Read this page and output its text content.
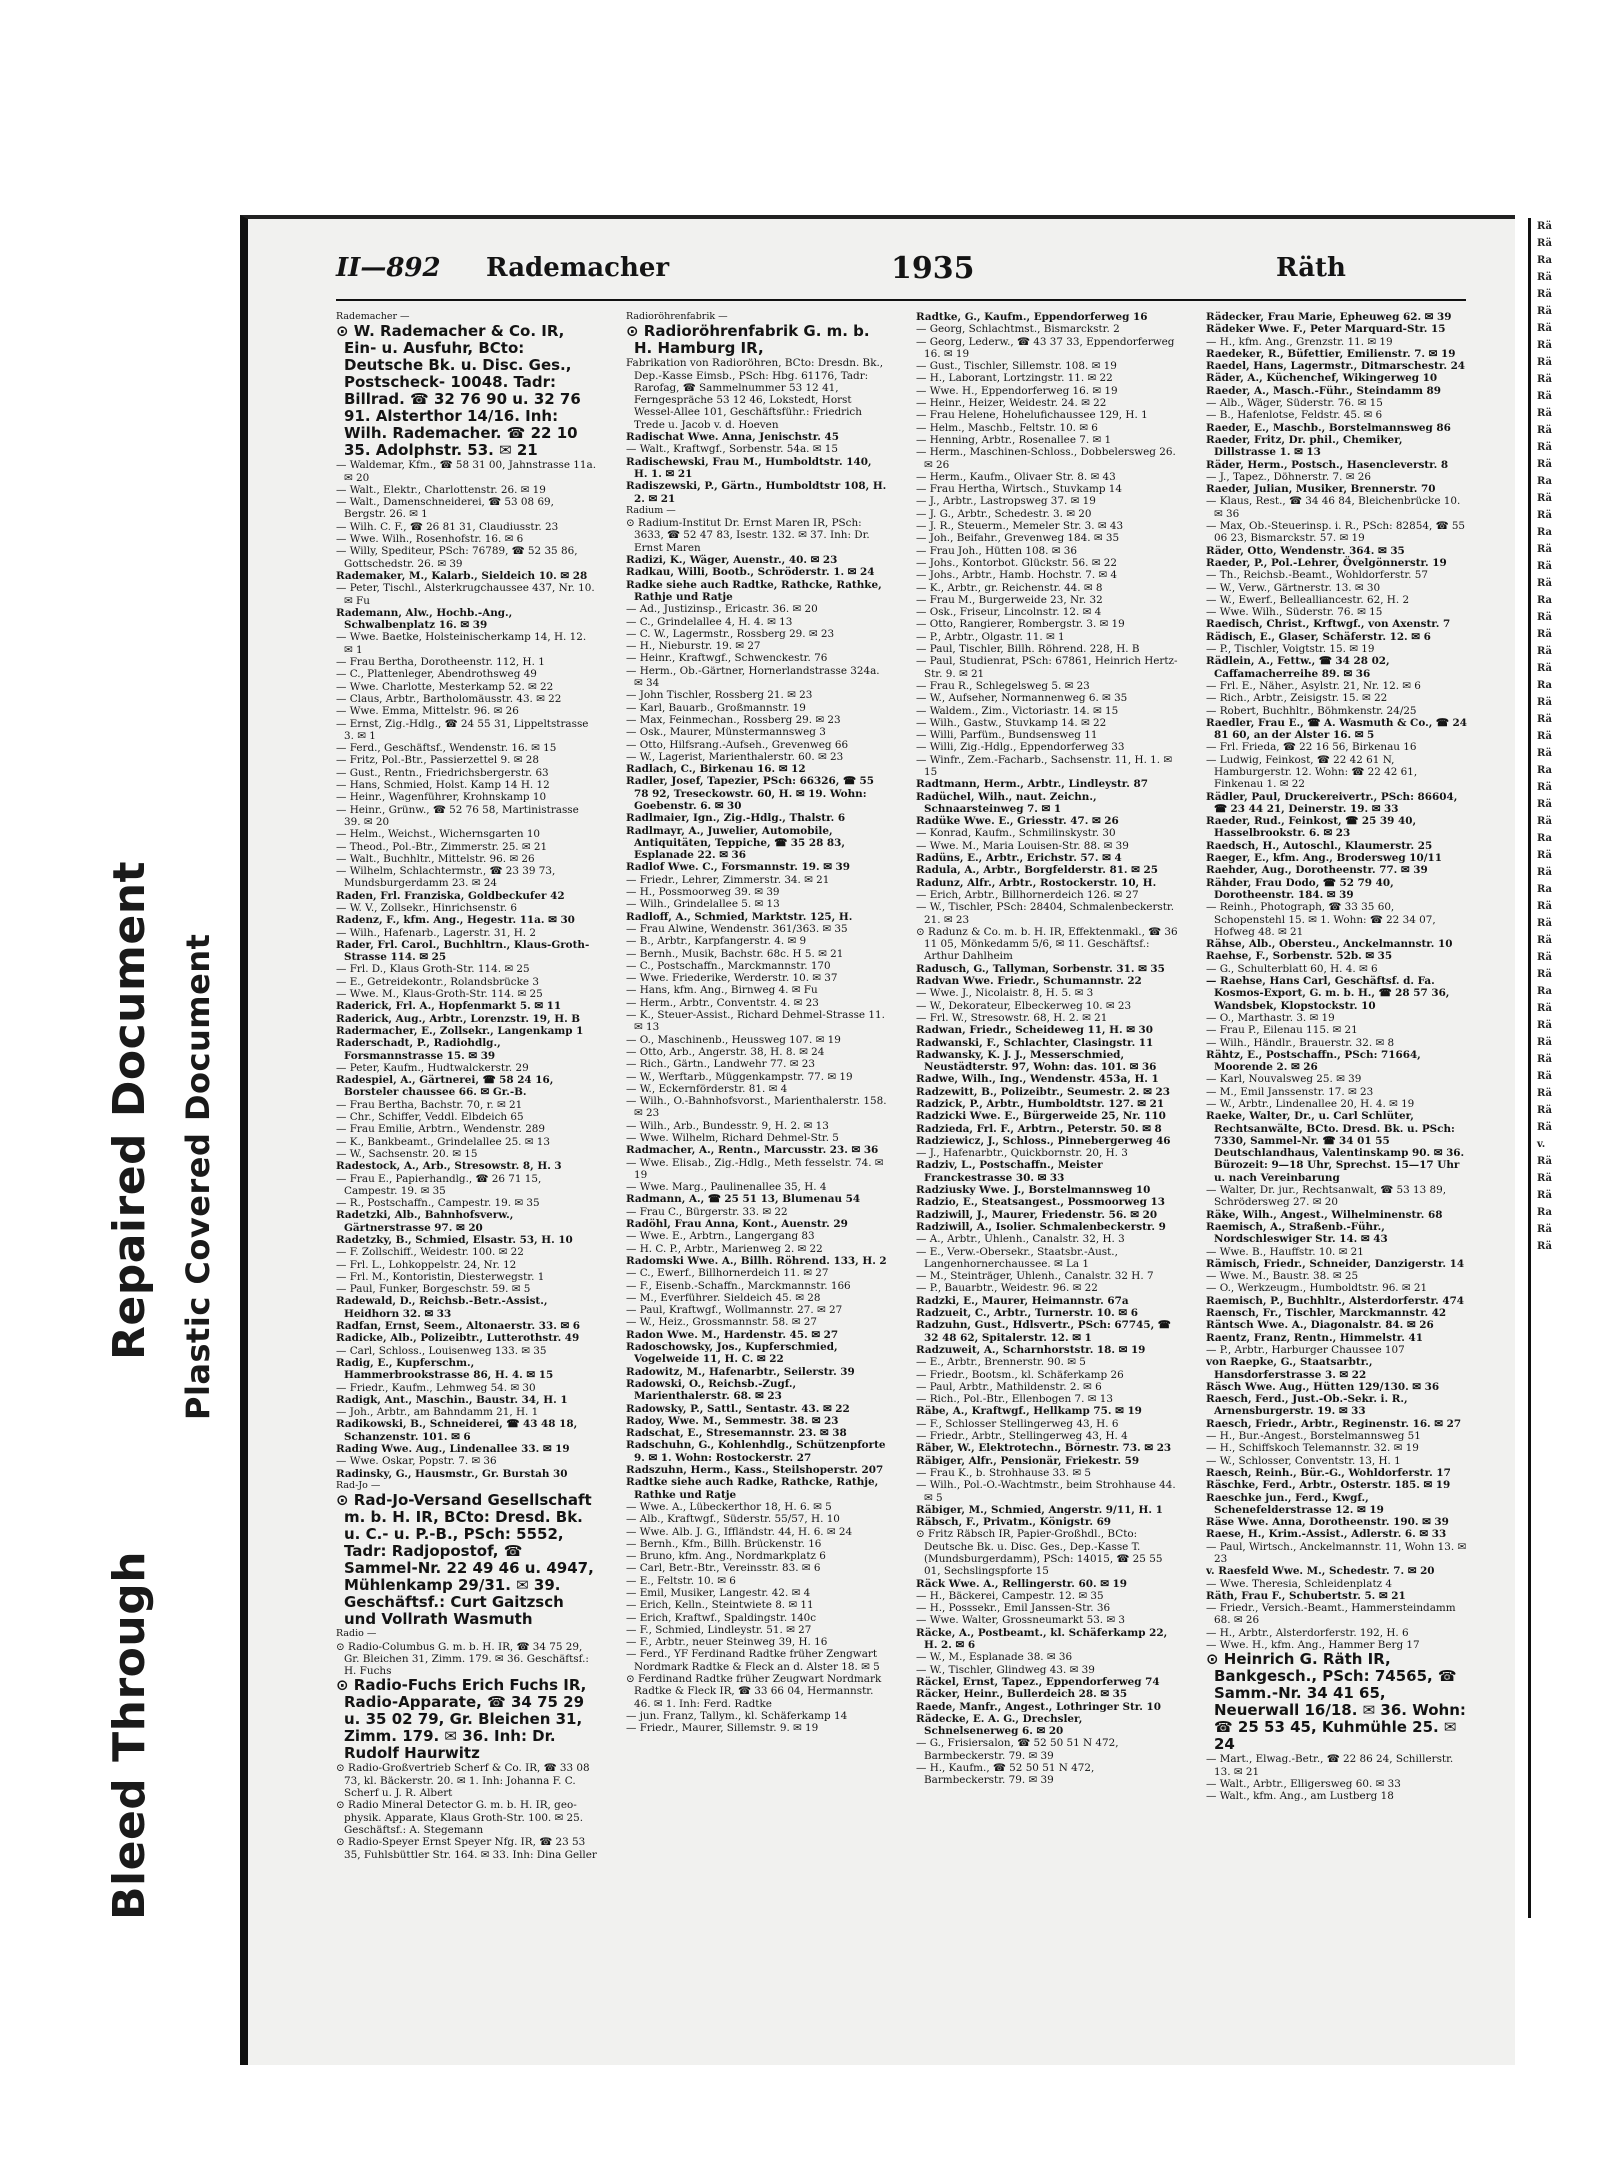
Bleed Through
Repaired Document Plastic Covered Document
II—892 Rademacher	1935	Räth
Rademacher —
⊙ W. Rademacher & Co. IR, Ein- u. Ausfuhr, BCto: Deutsche Bk. u. Disc. Ges., Postscheck- 10048. Tadr: Billrad. ☎ 32 76 90 u. 32 76 91. Alsterthor 14/16. Inh: Wilh. Rademacher. ☎ 22 10 35. Adolphstr. 53. ✉ 21
— Waldemar, Kfm., ☎ 58 31 00, Jahnstrasse 11a. ✉ 20
— Walt., Elektr., Charlottenstr. 26. ✉ 19
— Walt., Damenschneiderei, ☎ 53 08 69, Bergstr. 26. ✉ 1
— Wilh. C. F., ☎ 26 81 31, Claudiusstr. 23
— Wwe. Wilh., Rosenhofstr. 16. ✉ 6
— Willy, Spediteur, PSch: 76789, ☎ 52 35 86, Gottschedstr. 26. ✉ 39
Rademaker, M., Kalarb., Sieldeich 10. ✉ 28
— Peter, Tischl., Alsterkrugchaussee 437, Nr. 10. ✉ Fu
Rademann, Alw., Hochb.-Ang., Schwalbenplatz 16. ✉ 39
— Wwe. Baetke, Holsteinischerkamp 14, H. 12. ✉ 1
— Frau Bertha, Dorotheenstr. 112, H. 1
— C., Plattenleger, Abendrothsweg 49
— Wwe. Charlotte, Mesterkamp 52. ✉ 22
— Claus, Arbtr., Bartholomäusstr. 43. ✉ 22
— Wwe. Emma, Mittelstr. 96. ✉ 26
— Ernst, Zig.-Hdlg., ☎ 24 55 31, Lippeltstrasse 3. ✉ 1
— Ferd., Geschäftsf., Wendenstr. 16. ✉ 15
— Fritz, Pol.-Btr., Passierzettel 9. ✉ 28
— Gust., Rentn., Friedrichsbergerstr. 63
— Hans, Schmied, Holst. Kamp 14 H. 12
— Heinr., Wagenführer, Krohnskamp 10
— Heinr., Grünw., ☎ 52 76 58, Martinistrasse 39. ✉ 20
— Helm., Weichst., Wichernsgarten 10
— Theod., Pol.-Btr., Zimmerstr. 25. ✉ 21
— Walt., Buchhltr., Mittelstr. 96. ✉ 26
— Wilhelm, Schlachtermstr., ☎ 23 39 73, Mundsburgerdamm 23. ✉ 24
Raden, Frl. Franziska, Goldbeckufer 42
— W. V., Zollsekr., Hinrichsenstr. 6
Radenz, F., kfm. Ang., Hegestr. 11a. ✉ 30
— Wilh., Hafenarb., Lagerstr. 31, H. 2
Rader, Frl. Carol., Buchhltrn., Klaus-Groth-Strasse 114. ✉ 25
— Frl. D., Klaus Groth-Str. 114. ✉ 25
— E., Getreidekontr., Rolandsbrücke 3
— Wwe. M., Klaus-Groth-Str. 114. ✉ 25
Raderick, Frl. A., Hopfenmarkt 5. ✉ 11
Raderick, Aug., Arbtr., Lorenzstr. 19, H. B
Radermacher, E., Zollsekr., Langenkamp 1
Raderschadt, P., Radiohdlg., Forsmannstrasse 15. ✉ 39
— Peter, Kaufm., Hudtwalckerstr. 29
Radespiel, A., Gärtnerei, ☎ 58 24 16, Borsteler chaussee 66. ✉ Gr.-B.
— Frau Bertha, Bachstr. 70, r. ✉ 21
— Chr., Schiffer, Veddl. Elbdeich 65
— Frau Emilie, Arbtrn., Wendenstr. 289
— K., Bankbeamt., Grindelallee 25. ✉ 13
— W., Sachsenstr. 20. ✉ 15
Radestock, A., Arb., Stresowstr. 8, H. 3
— Frau E., Papierhandlg., ☎ 26 71 15, Campestr. 19. ✉ 35
— R., Postschaffn., Campestr. 19. ✉ 35
Radetzki, Alb., Bahnhofsverw., Gärtnerstrasse 97. ✉ 20
Radetzky, B., Schmied, Elsastr. 53, H. 10
— F. Zollschiff., Weidestr. 100. ✉ 22
— Frl. L., Lohkoppelstr. 24, Nr. 12
— Frl. M., Kontoristin, Diesterwegstr. 1
— Paul, Funker, Borgeschstr. 59. ✉ 5
Radewald, D., Reichsb.-Betr.-Assist., Heidhorn 32. ✉ 33
Radfan, Ernst, Seem., Altonaerstr. 33. ✉ 6
Radicke, Alb., Polizeibtr., Lutterothstr. 49
— Carl, Schloss., Louisenweg 133. ✉ 35
Radig, E., Kupferschm., Hammerbrookstrasse 86, H. 4. ✉ 15
— Friedr., Kaufm., Lehmweg 54. ✉ 30
Radigk, Ant., Maschin., Baustr. 34, H. 1
— Joh., Arbtr., am Bahndamm 21, H. 1
Radikowski, B., Schneiderei, ☎ 43 48 18, Schanzenstr. 101. ✉ 6
Rading Wwe. Aug., Lindenallee 33. ✉ 19
— Wwe. Oskar, Popstr. 7. ✉ 36
Radinsky, G., Hausmstr., Gr. Burstah 30
Rad-Jo —
⊙ Rad-Jo-Versand Gesellschaft m. b. H. IR, BCto: Dresd. Bk. u. C.- u. P.-B., PSch: 5552, Tadr: Radjopostof, ☎ Sammel-Nr. 22 49 46 u. 4947, Mühlenkamp 29/31. ✉ 39. Geschäftsf.: Curt Gaitzsch und Vollrath Wasmuth
Radio —
⊙ Radio-Columbus G. m. b. H. IR, ☎ 34 75 29, Gr. Bleichen 31, Zimm. 179. ✉ 36. Geschäftsf.: H. Fuchs
⊙ Radio-Fuchs Erich Fuchs IR, Radio-Apparate, ☎ 34 75 29 u. 35 02 79, Gr. Bleichen 31, Zimm. 179. ✉ 36. Inh: Dr. Rudolf Haurwitz
⊙ Radio-Großvertrieb Scherf & Co. IR, ☎ 33 08 73, kl. Bäckerstr. 20. ✉ 1. Inh: Johanna F. C. Scherf u. J. R. Albert
⊙ Radio Mineral Detector G. m. b. H. IR, geo-physik. Apparate, Klaus Groth-Str. 100. ✉ 25. Geschäftsf.: A. Stegemann
⊙ Radio-Speyer Ernst Speyer Nfg. IR, ☎ 23 53 35, Fuhlsbüttler Str. 164. ✉ 33. Inh: Dina Geller
Radioröhrenfabrik —
⊙ Radioröhrenfabrik G. m. b. H. Hamburg IR,
Fabrikation von Radioröhren, BCto: Dresdn. Bk., Dep.-Kasse Eimsb., PSch: Hbg. 61176, Tadr: Rarofag, ☎ Sammelnummer 53 12 41, Ferngespräche 53 12 46, Lokstedt, Horst Wessel-Allee 101, Geschäftsführ.: Friedrich Trede u. Jacob v. d. Hoeven
Radischat Wwe. Anna, Jenischstr. 45
— Walt., Kraftwgf., Sorbenstr. 54a. ✉ 15
Radischewski, Frau M., Humboldtstr. 140, H. 1. ✉ 21
Radiszewski, P., Gärtn., Humboldtstr 108, H. 2. ✉ 21
Radium —
⊙ Radium-Institut Dr. Ernst Maren IR, PSch: 3633, ☎ 52 47 83, Isestr. 132. ✉ 37. Inh: Dr. Ernst Maren
Radizi, K., Wäger, Auenstr., 40. ✉ 23
Radkau, Willi, Bootb., Schröderstr. 1. ✉ 24
Radke siehe auch Radtke, Rathcke, Rathke, Rathje und Ratje
— Ad., Justizinsp., Ericastr. 36. ✉ 20
— C., Grindelallee 4, H. 4. ✉ 13
— C. W., Lagermstr., Rossberg 29. ✉ 23
— H., Nieburstr. 19. ✉ 27
— Heinr., Kraftwgf., Schwenckestr. 76
— Herm., Ob.-Gärtner, Hornerlandstrasse 324a. ✉ 34
— John Tischler, Rossberg 21. ✉ 23
— Karl, Bauarb., Großmannstr. 19
— Max, Feinmechan., Rossberg 29. ✉ 23
— Osk., Maurer, Münstermannsweg 3
— Otto, Hilfsrang.-Aufseh., Grevenweg 66
— W., Lagerist, Marienthalerstr. 60. ✉ 23
Radlach, C., Birkenau 16. ✉ 12
Radler, Josef, Tapezier, PSch: 66326, ☎ 55 78 92, Treseckowstr. 60, H. ✉ 19. Wohn: Goebenstr. 6. ✉ 30
Radlmaier, Ign., Zig.-Hdlg., Thalstr. 6
Radlmayr, A., Juwelier, Automobile, Antiquitäten, Teppiche, ☎ 35 28 83, Esplanade 22. ✉ 36
Radlof Wwe. C., Forsmannstr. 19. ✉ 39
— Friedr., Lehrer, Zimmerstr. 34. ✉ 21
— H., Possmoorweg 39. ✉ 39
— Wilh., Grindelallee 5. ✉ 13
Radloff, A., Schmied, Marktstr. 125, H.
— Frau Alwine, Wendenstr. 361/363. ✉ 35
— B., Arbtr., Karpfangerstr. 4. ✉ 9
— Bernh., Musik, Bachstr. 68c. H 5. ✉ 21
— C., Postschaffn., Marckmannstr. 170
— Wwe. Friederike, Werderstr. 10. ✉ 37
— Hans, kfm. Ang., Birnweg 4. ✉ Fu
— Herm., Arbtr., Conventstr. 4. ✉ 23
— K., Steuer-Assist., Richard Dehmel-Strasse 11. ✉ 13
— O., Maschinenb., Heussweg 107. ✉ 19
— Otto, Arb., Angerstr. 38, H. 8. ✉ 24
— Rich., Gärtn., Landwehr 77. ✉ 23
— W., Werftarb., Müggenkampstr. 77. ✉ 19
— W., Eckernförderstr. 81. ✉ 4
— Wilh., O.-Bahnhofsvorst., Marienthalerstr. 158. ✉ 23
— Wilh., Arb., Bundesstr. 9, H. 2. ✉ 13
— Wwe. Wilhelm, Richard Dehmel-Str. 5
Radmacher, A., Rentn., Marcusstr. 23. ✉ 36
— Wwe. Elisab., Zig.-Hdlg., Meth fesselstr. 74. ✉ 19
— Wwe. Marg., Paulinenallee 35, H. 4
Radmann, A., ☎ 25 51 13, Blumenau 54
— Frau C., Bürgerstr. 33. ✉ 22
Radöhl, Frau Anna, Kont., Auenstr. 29
— Wwe. E., Arbtrn., Langergang 83
— H. C. P., Arbtr., Marienweg 2. ✉ 22
Radomski Wwe. A., Billh. Röhrend. 133, H. 2
— C., Ewerf., Billhornerdeich 11. ✉ 27
— F., Eisenb.-Schaffn., Marckmannstr. 166
— M., Everführer. Sieldeich 45. ✉ 28
— Paul, Kraftwgf., Wollmannstr. 27. ✉ 27
— W., Heiz., Grossmannstr. 58. ✉ 27
Radon Wwe. M., Hardenstr. 45. ✉ 27
Radoschowsky, Jos., Kupferschmied, Vogelweide 11, H. C. ✉ 22
Radowitz, M., Hafenarbtr., Seilerstr. 39
Radowski, O., Reichsb.-Zugf., Marienthalerstr. 68. ✉ 23
Radowsky, P., Sattl., Sentastr. 43. ✉ 22
Radoy, Wwe. M., Semmestr. 38. ✉ 23
Radschat, E., Stresemannstr. 23. ✉ 38
Radschuhn, G., Kohlenhdlg., Schützenpforte 9. ✉ 1. Wohn: Rostockerstr. 27
Radszuhn, Herm., Kass., Steilshoperstr. 207
Radtke siehe auch Radke, Rathcke, Rathje, Rathke und Ratje
— Wwe. A., Lübeckerthor 18, H. 6. ✉ 5
— Alb., Kraftwgf., Süderstr. 55/57, H. 10
— Wwe. Alb. J. G., Iffländstr. 44, H. 6. ✉ 24
— Bernh., Kfm., Billh. Brückenstr. 16
— Bruno, kfm. Ang., Nordmarkplatz 6
— Carl, Betr.-Btr., Vereinsstr. 83. ✉ 6
— E., Feltstr. 10. ✉ 6
— Emil, Musiker, Langestr. 42. ✉ 4
— Erich, Kelln., Steintwiete 8. ✉ 11
— Erich, Kraftwf., Spaldingstr. 140c
— F., Schmied, Lindleystr. 51. ✉ 27
— F., Arbtr., neuer Steinweg 39, H. 16
— Ferd., YF Ferdinand Radtke früher Zengwart Nordmark Radtke & Fleck an d. Alster 18. ✉ 5
⊙ Ferdinand Radtke früher Zeugwart Nordmark Radtke & Fleck IR, ☎ 33 66 04, Hermannstr. 46. ✉ 1. Inh: Ferd. Radtke
— jun. Franz, Tallym., kl. Schäferkamp 14
— Friedr., Maurer, Sillemstr. 9. ✉ 19
Radtke, G., Kaufm., Eppendorferweg 16
— Georg, Schlachtmst., Bismarckstr. 2
— Georg, Lederw., ☎ 43 37 33, Eppendorferweg 16. ✉ 19
— Gust., Tischler, Sillemstr. 108. ✉ 19
— H., Laborant, Lortzingstr. 11. ✉ 22
— Wwe. H., Eppendorferweg 16. ✉ 19
— Heinr., Heizer, Weidestr. 24. ✉ 22
— Frau Helene, Hohelufichaussee 129, H. 1
— Helm., Maschb., Feltstr. 10. ✉ 6
— Henning, Arbtr., Rosenallee 7. ✉ 1
— Herm., Maschinen-Schloss., Dobbelersweg 26. ✉ 26
— Herm., Kaufm., Olivaer Str. 8. ✉ 43
— Frau Hertha, Wirtsch., Stuvkamp 14
— J., Arbtr., Lastropsweg 37. ✉ 19
— J. G., Arbtr., Schedestr. 3. ✉ 20
— J. R., Steuerm., Memeler Str. 3. ✉ 43
— Joh., Beifahr., Grevenweg 184. ✉ 35
— Frau Joh., Hütten 108. ✉ 36
— Johs., Kontorbot. Glückstr. 56. ✉ 22
— Johs., Arbtr., Hamb. Hochstr. 7. ✉ 4
— K., Arbtr., gr. Reichenstr. 44. ✉ 8
— Frau M., Burgerweide 23, Nr. 32
— Osk., Friseur, Lincolnstr. 12. ✉ 4
— Otto, Rangierer, Rombergstr. 3. ✉ 19
— P., Arbtr., Olgastr. 11. ✉ 1
— Paul, Tischler, Billh. Röhrend. 228, H. B
— Paul, Studienrat, PSch: 67861, Heinrich Hertz-Str. 9. ✉ 21
— Frau R., Schlegelsweg 5. ✉ 23
— W., Aufseher, Normannenweg 6. ✉ 35
— Waldem., Zim., Victoriastr. 14. ✉ 15
— Wilh., Gastw., Stuvkamp 14. ✉ 22
— Willi, Parfüm., Bundsensweg 11
— Willi, Zig.-Hdlg., Eppendorferweg 33
— Winfr., Zem.-Facharb., Sachsenstr. 11, H. 1. ✉ 15
Radtmann, Herm., Arbtr., Lindleystr. 87
Radüchel, Wilh., naut. Zeichn., Schnaarsteinweg 7. ✉ 1
Radüke Wwe. E., Griesstr. 47. ✉ 26
— Konrad, Kaufm., Schmilinskystr. 30
— Wwe. M., Maria Louisen-Str. 88. ✉ 39
Radüns, E., Arbtr., Erichstr. 57. ✉ 4
Radula, A., Arbtr., Borgfelderstr. 81. ✉ 25
Radunz, Alfr., Arbtr., Rostockerstr. 10, H.
— Erich, Arbtr., Billhornerdeich 126. ✉ 27
— W., Tischler, PSch: 28404, Schmalenbeckerstr. 21. ✉ 23
⊙ Radunz & Co. m. b. H. IR, Effektenmakl., ☎ 36 11 05, Mönkedamm 5/6, ✉ 11. Geschäftsf.: Arthur Dahlheim
Radusch, G., Tallyman, Sorbenstr. 31. ✉ 35
Radvan Wwe. Friedr., Schumannstr. 22
— Wwe. J., Nicolaistr. 8, H. 5. ✉ 3
— W., Dekorateur, Elbeckerweg 10. ✉ 23
— Frl. W., Stresowstr. 68, H. 2. ✉ 21
Radwan, Friedr., Scheideweg 11, H. ✉ 30
Radwanski, F., Schlachter, Clasingstr. 11
Radwansky, K. J. J., Messerschmied, Neustädterstr. 97, Wohn: das. 101. ✉ 36
Radwe, Wilh., Ing., Wendenstr. 453a, H. 1
Radzewitt, B., Polizeibtr., Seumestr. 2. ✉ 23
Radzick, P., Arbtr., Humboldtstr. 127. ✉ 21
Radzicki Wwe. E., Bürgerweide 25, Nr. 110
Radzieda, Frl. F., Arbtrn., Peterstr. 50. ✉ 8
Radziewicz, J., Schloss., Pinnebergerweg 46
— J., Hafenarbtr., Quickbornstr. 20, H. 3
Radziv, L., Postschaffn., Meister Franckestrasse 30. ✉ 33
Radziusky Wwe. J., Borstelmannsweg 10
Radzio, E., Steatsangest., Possmoorweg 13
Radziwill, J., Maurer, Friedenstr. 56. ✉ 20
Radziwill, A., Isolier. Schmalenbeckerstr. 9
— A., Arbtr., Uhlenh., Canalstr. 32, H. 3
— E., Verw.-Obersekr., Staatsbr.-Aust., Langenhornerchaussee. ✉ La 1
— M., Steinträger, Uhlenh., Canalstr. 32 H. 7
— P., Bauarbtr., Weidestr. 96. ✉ 22
Radzki, E., Maurer, Heimannstr. 67a
Radzueit, C., Arbtr., Turnerstr. 10. ✉ 6
Radzuhn, Gust., Hdlsvertr., PSch: 67745, ☎ 32 48 62, Spitalerstr. 12. ✉ 1
Radzuweit, A., Scharnhorststr. 18. ✉ 19
— E., Arbtr., Brennerstr. 90. ✉ 5
— Friedr., Bootsm., kl. Schäferkamp 26
— Paul, Arbtr., Mathildenstr. 2. ✉ 6
— Rich., Pol.-Btr., Ellenbogen 7. ✉ 13
Räbe, A., Kraftwgf., Hellkamp 75. ✉ 19
— F., Schlosser Stellingerweg 43, H. 6
— Friedr., Arbtr., Stellingerweg 43, H. 4
Räber, W., Elektrotechn., Börnestr. 73. ✉ 23
Räbiger, Alfr., Pensionär, Friekestr. 59
— Frau K., b. Strohhause 33. ✉ 5
— Wilh., Pol.-O.-Wachtmstr., beim Strohhause 44. ✉ 5
Räbiger, M., Schmied, Angerstr. 9/11, H. 1
Räbsch, F., Privatm., Königstr. 69
⊙ Fritz Räbsch IR, Papier-Großhdl., BCto: Deutsche Bk. u. Disc. Ges., Dep.-Kasse T. (Mundsburgerdamm), PSch: 14015, ☎ 25 55 01, Sechslingspforte 15
Räck Wwe. A., Rellingerstr. 60. ✉ 19
— H., Bäckerei, Campestr. 12. ✉ 35
— H., Posssekr., Emil Janssen-Str. 36
— Wwe. Walter, Grossneumarkt 53. ✉ 3
Räcke, A., Postbeamt., kl. Schäferkamp 22, H. 2. ✉ 6
— W., M., Esplanade 38. ✉ 36
— W., Tischler, Glindweg 43. ✉ 39
Räckel, Ernst, Tapez., Eppendorferweg 74
Räcker, Heinr., Bullerdeich 28. ✉ 35
Raede, Manfr., Angest., Lothringer Str. 10
Rädecke, E. A. G., Drechsler, Schnelsenerweg 6. ✉ 20
— G., Frisiersalon, ☎ 52 50 51 N 472, Barmbeckerstr. 79. ✉ 39
— H., Kaufm., ☎ 52 50 51 N 472, Barmbeckerstr. 79. ✉ 39
Rädecker, Frau Marie, Epheuweg 62. ✉ 39
Rädeker Wwe. F., Peter Marquard-Str. 15
— H., kfm. Ang., Grenzstr. 11. ✉ 19
Raedeker, R., Büfettier, Emilienstr. 7. ✉ 19
Raedel, Hans, Lagermstr., Ditmarschestr. 24
Räder, A., Küchenchef, Wikingerweg 10
Raeder, A., Masch.-Führ., Steindamm 89
— Alb., Wäger, Süderstr. 76. ✉ 15
— B., Hafenlotse, Feldstr. 45. ✉ 6
Raeder, E., Maschb., Borstelmannsweg 86
Raeder, Fritz, Dr. phil., Chemiker, Dillstrasse 1. ✉ 13
Räder, Herm., Postsch., Hasencleverstr. 8
— J., Tapez., Döhnerstr. 7. ✉ 26
Raeder, Julian, Musiker, Brennerstr. 70
— Klaus, Rest., ☎ 34 46 84, Bleichenbrücke 10. ✉ 36
— Max, Ob.-Steuerinsp. i. R., PSch: 82854, ☎ 55 06 23, Bismarckstr. 57. ✉ 19
Räder, Otto, Wendenstr. 364. ✉ 35
Raeder, P., Pol.-Lehrer, Övelgönnerstr. 19
— Th., Reichsb.-Beamt., Wohldorferstr. 57
— W., Verw., Gärtnerstr. 13. ✉ 30
— W., Ewerf., Bellealliancestr. 62, H. 2
— Wwe. Wilh., Süderstr. 76. ✉ 15
Raedisch, Christ., Krftwgf., von Axenstr. 7
Rädisch, E., Glaser, Schäferstr. 12. ✉ 6
— P., Tischler, Voigtstr. 15. ✉ 19
Rädlein, A., Fettw., ☎ 34 28 02, Caffamacherreihe 89. ✉ 36
— Frl. E., Näher., Asylstr. 21, Nr. 12. ✉ 6
— Rich., Arbtr., Zeisigstr. 15. ✉ 22
— Robert, Buchhltr., Böhmkenstr. 24/25
Raedler, Frau E., ☎ A. Wasmuth & Co., ☎ 24 81 60, an der Alster 16. ✉ 5
— Frl. Frieda, ☎ 22 16 56, Birkenau 16
— Ludwig, Feinkost, ☎ 22 42 61 N, Hamburgerstr. 12. Wohn: ☎ 22 42 61, Finkenau 1. ✉ 22
Rädler, Paul, Druckereivertr., PSch: 86604, ☎ 23 44 21, Deinerstr. 19. ✉ 33
Raeder, Rud., Feinkost, ☎ 25 39 40, Hasselbrookstr. 6. ✉ 23
Raedsch, H., Autoschl., Klaumerstr. 25
Raeger, E., kfm. Ang., Brodersweg 10/11
Raehder, Aug., Dorotheenstr. 77. ✉ 39
Rähder, Frau Dodo, ☎ 52 79 40, Dorotheenstr. 184. ✉ 39
— Reinh., Photograph, ☎ 33 35 60, Schopenstehl 15. ✉ 1. Wohn: ☎ 22 34 07, Hofweg 48. ✉ 21
Rähse, Alb., Obersteu., Anckelmannstr. 10
Raehse, F., Sorbenstr. 52b. ✉ 35
— G., Schulterblatt 60, H. 4. ✉ 6
— Raehse, Hans Carl, Geschäftsf. d. Fa. Kosmos-Export, G. m. b. H., ☎ 28 57 36, Wandsbek, Klopstockstr. 10
— O., Marthastr. 3. ✉ 19
— Frau P., Eilenau 115. ✉ 21
— Wilh., Händlr., Brauerstr. 32. ✉ 8
Rähtz, E., Postschaffn., PSch: 71664, Moorende 2. ✉ 26
— Karl, Nouvalsweg 25. ✉ 39
— M., Emil Janssenstr. 17. ✉ 23
— W., Arbtr., Lindenallee 20, H. 4. ✉ 19
Raeke, Walter, Dr., u. Carl Schlüter, Rechtsanwälte, BCto. Dresd. Bk. u. PSch: 7330, Sammel-Nr. ☎ 34 01 55 Deutschlandhaus, Valentinskamp 90. ✉ 36. Bürozeit: 9—18 Uhr, Sprechst. 15—17 Uhr u. nach Vereinbarung
— Walter, Dr. jur., Rechtsanwalt, ☎ 53 13 89, Schrödersweg 27. ✉ 20
Räke, Wilh., Angest., Wilhelminenstr. 68
Raemisch, A., Straßenb.-Führ., Nordschleswiger Str. 14. ✉ 43
— Wwe. B., Hauffstr. 10. ✉ 21
Rämisch, Friedr., Schneider, Danzigerstr. 14
— Wwe. M., Baustr. 38. ✉ 25
— O., Werkzeugm., Humboldtstr. 96. ✉ 21
Raemisch, P., Buchhltr., Alsterdorferstr. 474
Raensch, Fr., Tischler, Marckmannstr. 42
Räntsch Wwe. A., Diagonalstr. 84. ✉ 26
Raentz, Franz, Rentn., Himmelstr. 41
— P., Arbtr., Harburger Chaussee 107
von Raepke, G., Staatsarbtr., Hansdorferstrasse 3. ✉ 22
Räsch Wwe. Aug., Hütten 129/130. ✉ 36
Raesch, Ferd., Just.-Ob.-Sekr. i. R., Arnensburgerstr. 19. ✉ 33
Raesch, Friedr., Arbtr., Reginenstr. 16. ✉ 27
— H., Bur.-Angest., Borstelmannsweg 51
— H., Schiffskoch Telemannstr. 32. ✉ 19
— W., Schlosser, Conventstr. 13, H. 1
Raesch, Reinh., Bür.-G., Wohldorferstr. 17
Räschke, Ferd., Arbtr., Osterstr. 185. ✉ 19
Raeschke jun., Ferd., Kwgf., Schenefelderstrasse 12. ✉ 19
Räse Wwe. Anna, Dorotheenstr. 190. ✉ 39
Raese, H., Krim.-Assist., Adlerstr. 6. ✉ 33
— Paul, Wirtsch., Anckelmannstr. 11, Wohn 13. ✉ 23
v. Raesfeld Wwe. M., Schedestr. 7. ✉ 20
— Wwe. Theresia, Schleidenplatz 4
Räth, Frau F., Schubertstr. 5. ✉ 21
— Friedr., Versich.-Beamt., Hammersteindamm 68. ✉ 26
— H., Arbtr., Alsterdorferstr. 192, H. 6
— Wwe. H., kfm. Ang., Hammer Berg 17
⊙ Heinrich G. Räth IR, Bankgesch., PSch: 74565, ☎ Samm.-Nr. 34 41 65, Neuerwall 16/18. ✉ 36. Wohn: ☎ 25 53 45, Kuhmühle 25. ✉ 24
— Mart., Elwag.-Betr., ☎ 22 86 24, Schillerstr. 13. ✉ 21
— Walt., Arbtr., Elligersweg 60. ✉ 33
— Walt., kfm. Ang., am Lustberg 18
Rä
Rä
Ra
Rä
Rä
Rä
Rä
Rä
Rä
Rä
Rä
Rä
Rä
Rä
Rä
Ra
Rä
Rä
Ra
Rä
Rä
Rä
Ra
Rä
Rä
Rä
Rä
Ra
Rä
Rä
Rä
Rä
Ra
Rä
Rä
Rä
Ra
Rä
Rä
Ra
Rä
Rä
Rä
Rä
Rä
Ra
Rä
Rä
Rä
Rä
Rä
Rä
Rä
Rä
v.
Rä
Rä
Rä
Ra
Rä
Rä
